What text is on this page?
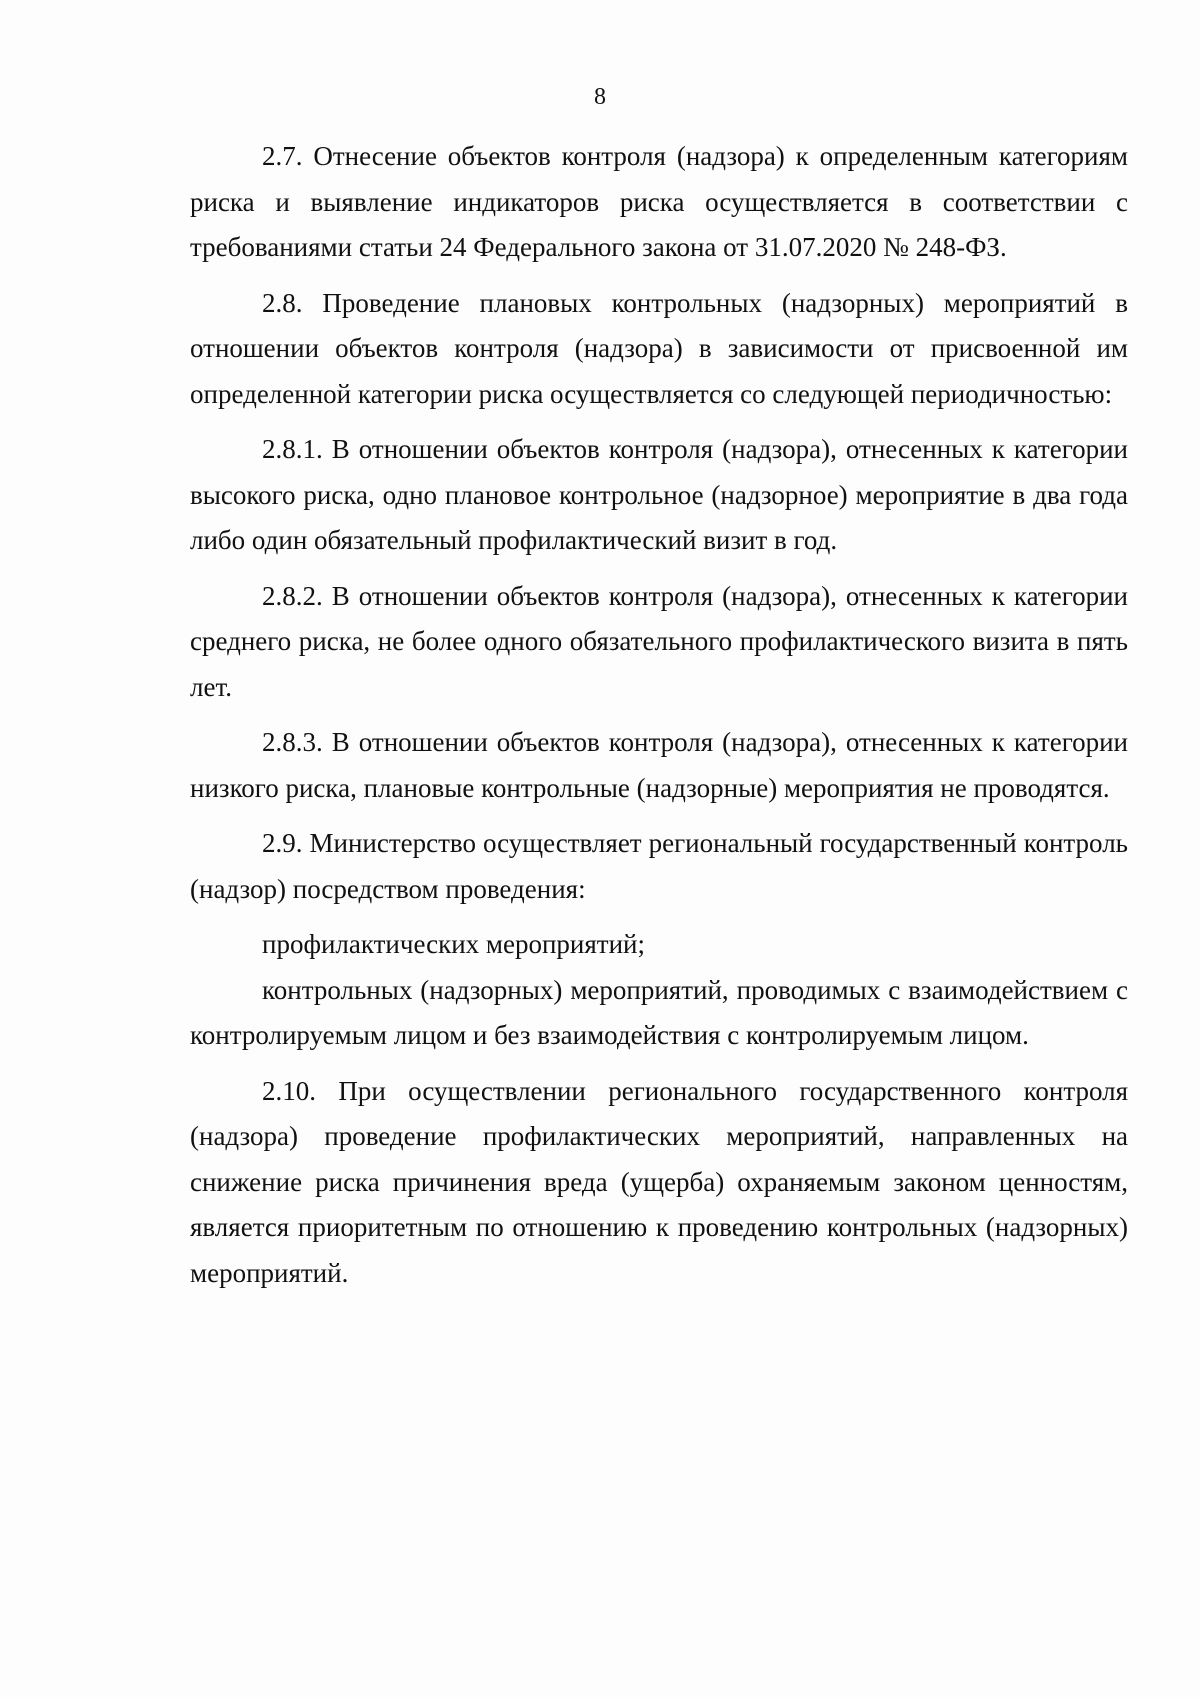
8

2.7. Отнесение объектов контроля (надзора) к определенным категориям риска и выявление индикаторов риска осуществляется в соответствии с требованиями статьи 24 Федерального закона от 31.07.2020 № 248-ФЗ.

2.8. Проведение плановых контрольных (надзорных) мероприятий в отношении объектов контроля (надзора) в зависимости от присвоенной им определенной категории риска осуществляется со следующей периодичностью:

2.8.1. В отношении объектов контроля (надзора), отнесенных к категории высокого риска, одно плановое контрольное (надзорное) мероприятие в два года либо один обязательный профилактический визит в год.

2.8.2. В отношении объектов контроля (надзора), отнесенных к категории среднего риска, не более одного обязательного профилактического визита в пять лет.

2.8.3. В отношении объектов контроля (надзора), отнесенных к категории низкого риска, плановые контрольные (надзорные) мероприятия не проводятся.

2.9. Министерство осуществляет региональный государственный контроль (надзор) посредством проведения:

профилактических мероприятий;

контрольных (надзорных) мероприятий, проводимых с взаимодействием с контролируемым лицом и без взаимодействия с контролируемым лицом.

2.10. При осуществлении регионального государственного контроля (надзора) проведение профилактических мероприятий, направленных на снижение риска причинения вреда (ущерба) охраняемым законом ценностям, является приоритетным по отношению к проведению контрольных (надзорных) мероприятий.
